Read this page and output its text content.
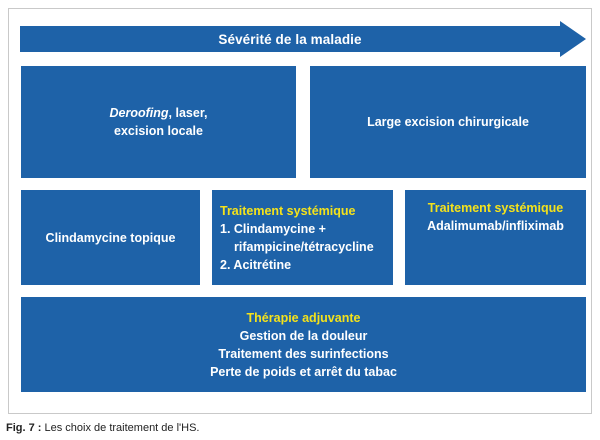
Sévérité de la maladie
Deroofing, laser,
excision locale
Large excision chirurgicale
Clindamycine topique
Traitement systémique
1. Clindamycine +
rifampicine/tétracycline
2. Acitrétine
Traitement systémique
Adalimumab/infliximab
Thérapie adjuvante
Gestion de la douleur
Traitement des surinfections
Perte de poids et arrêt du tabac
Fig. 7 : Les choix de traitement de l'HS.
